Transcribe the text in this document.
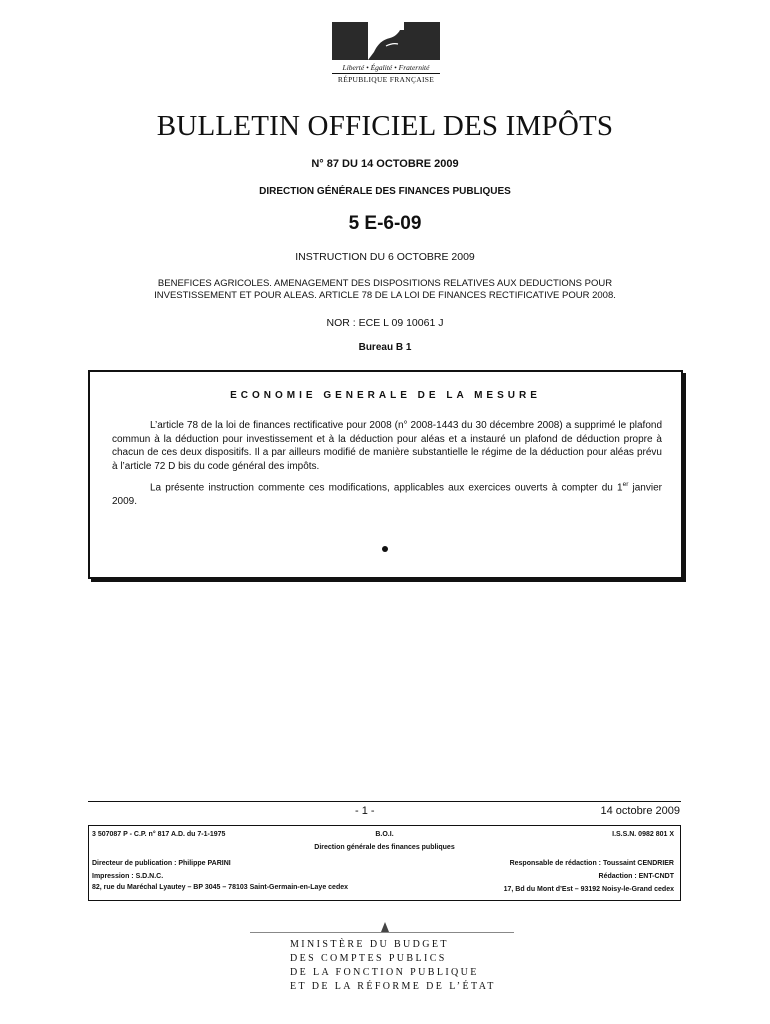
Liberté • Égalité • Fraternité
RÉPUBLIQUE FRANÇAISE
BULLETIN OFFICIEL DES IMPÔTS
N° 87 DU 14 OCTOBRE 2009
DIRECTION GÉNÉRALE DES FINANCES PUBLIQUES
5 E-6-09
INSTRUCTION DU 6 OCTOBRE 2009
BENEFICES AGRICOLES. AMENAGEMENT DES DISPOSITIONS RELATIVES AUX DEDUCTIONS POUR
INVESTISSEMENT ET POUR ALEAS. ARTICLE 78 DE LA LOI DE FINANCES RECTIFICATIVE POUR 2008.
NOR : ECE L 09 10061 J
Bureau B 1
ECONOMIE GENERALE DE LA MESURE
L’article 78 de la loi de finances rectificative pour 2008 (n° 2008-1443 du 30 décembre 2008) a supprimé le plafond commun à la déduction pour investissement et à la déduction pour aléas et a instauré un plafond de déduction propre à chacun de ces deux dispositifs. Il a par ailleurs modifié de manière substantielle le régime de la déduction pour aléas prévu à l’article 72 D bis du code général des impôts.
La présente instruction commente ces modifications, applicables aux exercices ouverts à compter du 1er janvier 2009.
- 1 -	14 octobre 2009
3 507087 P - C.P. n° 817 A.D. du 7-1-1975	B.O.I.	I.S.S.N. 0982 801 X
Direction générale des finances publiques
Directeur de publication : Philippe PARINI	Responsable de rédaction : Toussaint CENDRIER
Impression : S.D.N.C.	Rédaction : ENT-CNDT
82, rue du Maréchal Lyautey – BP 3045 – 78103 Saint-Germain-en-Laye cedex	17, Bd du Mont d’Est – 93192 Noisy-le-Grand cedex
MINISTÈRE DU BUDGET
DES COMPTES PUBLICS
DE LA FONCTION PUBLIQUE
ET DE LA RÉFORME DE L’ÉTAT
